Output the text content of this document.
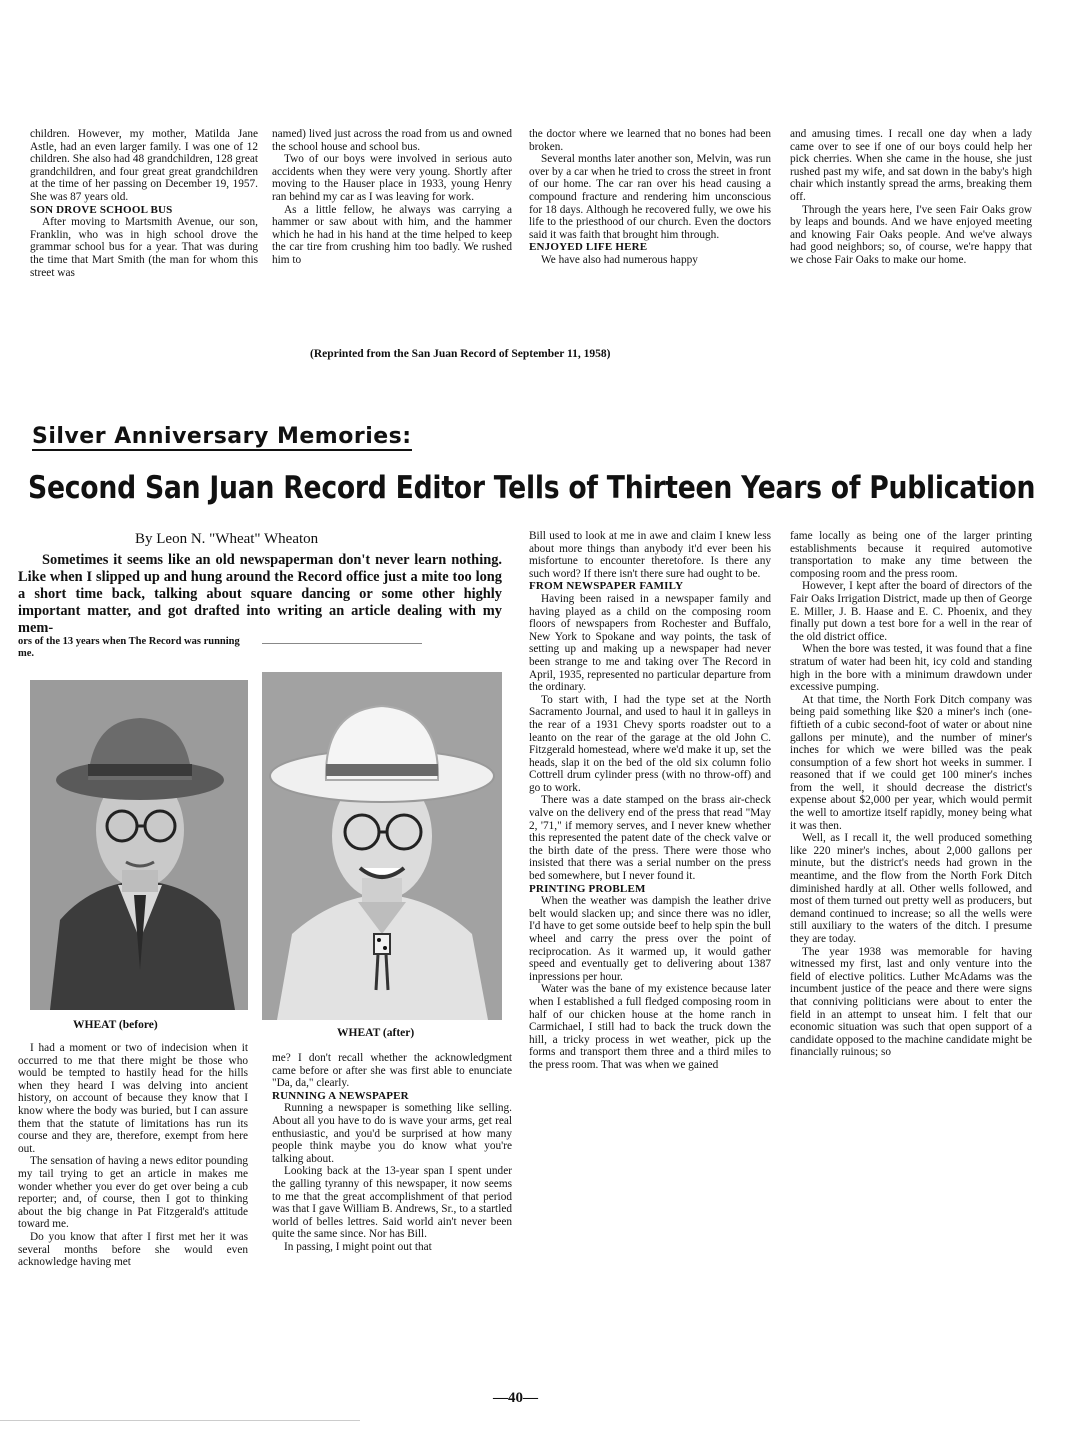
children. However, my mother, Matilda Jane Astle, had an even larger family. I was one of 12 children. She also had 48 grandchildren, 128 great grandchildren, and four great great grandchildren at the time of her passing on December 19, 1957. She was 87 years old.

SON DROVE SCHOOL BUS

After moving to Martsmith Avenue, our son, Franklin, who was in high school drove the grammar school bus for a year. That was during the time that Mart Smith (the man for whom this street was

named) lived just across the road from us and owned the school house and school bus.

Two of our boys were involved in serious auto accidents when they were very young. Shortly after moving to the Hauser place in 1933, young Henry ran behind my car as I was leaving for work.

As a little fellow, he always was carrying a hammer or saw about with him, and the hammer which he had in his hand at the time helped to keep the car tire from crushing him too badly. We rushed him to

the doctor where we learned that no bones had been broken.

Several months later another son, Melvin, was run over by a car when he tried to cross the street in front of our home. The car ran over his head causing a compound fracture and rendering him unconscious for 18 days. Although he recovered fully, we owe his life to the priesthood of our church. Even the doctors said it was faith that brought him through.

ENJOYED LIFE HERE

We have also had numerous happy

and amusing times. I recall one day when a lady came over to see if one of our boys could help her pick cherries. When she came in the house, she just rushed past my wife, and sat down in the baby's high chair which instantly spread the arms, breaking them off.

Through the years here, I've seen Fair Oaks grow by leaps and bounds. And we have enjoyed meeting and knowing Fair Oaks people. And we've always had good neighbors; so, of course, we're happy that we chose Fair Oaks to make our home.

(Reprinted from the San Juan Record of September 11, 1958)
Silver Anniversary Memories:
Second San Juan Record Editor Tells of Thirteen Years of Publication
By Leon N. "Wheat" Wheaton

Sometimes it seems like an old newspaperman don't never learn nothing. Like when I slipped up and hung around the Record office just a mite too long a short time back, talking about square dancing or some other highly important matter, and got drafted into writing an article dealing with my mem-

ors of the 13 years when The Record was running me.
WHEAT (before)
WHEAT (after)

I had a moment or two of indecision when it occurred to me that there might be those who would be tempted to hastily head for the hills when they heard I was delving into ancient history, on account of because they know that I know where the body was buried, but I can assure them that the statute of limitations has run its course and they are, therefore, exempt from here out.

The sensation of having a news editor pounding my tail trying to get an article in makes me wonder whether you ever do get over being a cub reporter; and, of course, then I got to thinking about the big change in Pat Fitzgerald's attitude toward me.

Do you know that after I first met her it was several months before she would even acknowledge having met

me? I don't recall whether the acknowledgment came before or after she was first able to enunciate "Da, da," clearly.

RUNNING A NEWSPAPER

Running a newspaper is something like selling. About all you have to do is wave your arms, get real enthusiastic, and you'd be surprised at how many people think maybe you do know what you're talking about.

Looking back at the 13-year span I spent under the galling tyranny of this newspaper, it now seems to me that the great accomplishment of that period was that I gave William B. Andrews, Sr., to a startled world of belles lettres. Said world ain't never been quite the same since. Nor has Bill.

In passing, I might point out that

Bill used to look at me in awe and claim I knew less about more things than anybody it'd ever been his misfortune to encounter theretofore. Is there any such word? If there isn't there sure had ought to be.

FROM NEWSPAPER FAMILY

Having been raised in a newspaper family and having played as a child on the composing room floors of newspapers from Rochester and Buffalo, New York to Spokane and way points, the task of setting up and making up a newspaper had never been strange to me and taking over The Record in April, 1935, represented no particular departure from the ordinary.

To start with, I had the type set at the North Sacramento Journal, and used to haul it in galleys in the rear of a 1931 Chevy sports roadster out to a leanto on the rear of the garage at the old John C. Fitzgerald homestead, where we'd make it up, set the heads, slap it on the bed of the old six column folio Cottrell drum cylinder press (with no throw-off) and go to work.

There was a date stamped on the brass air-check valve on the delivery end of the press that read "May 2, '71," if memory serves, and I never knew whether this represented the patent date of the check valve or the birth date of the press. There were those who insisted that there was a serial number on the press bed somewhere, but I never found it.

PRINTING PROBLEM

When the weather was dampish the leather drive belt would slacken up; and since there was no idler, I'd have to get some outside beef to help spin the bull wheel and carry the press over the point of reciprocation. As it warmed up, it would gather speed and eventually get to delivering about 1387 inpressions per hour.

Water was the bane of my existence because later when I established a full fledged composing room in half of our chicken house at the home ranch in Carmichael, I still had to back the truck down the hill, a tricky process in wet weather, pick up the forms and transport them three and a third miles to the press room. That was when we gained

fame locally as being one of the larger printing establishments because it required automotive transportation to make any time between the composing room and the press room.

However, I kept after the board of directors of the Fair Oaks Irrigation District, made up then of George E. Miller, J. B. Haase and E. C. Phoenix, and they finally put down a test bore for a well in the rear of the old district office.

When the bore was tested, it was found that a fine stratum of water had been hit, icy cold and standing high in the bore with a minimum drawdown under excessive pumping.

At that time, the North Fork Ditch company was being paid something like $20 a miner's inch (one-fiftieth of a cubic second-foot of water or about nine gallons per minute), and the number of miner's inches for which we were billed was the peak consumption of a few short hot weeks in summer. I reasoned that if we could get 100 miner's inches from the well, it should decrease the district's expense about $2,000 per year, which would permit the well to amortize itself rapidly, money being what it was then.

Well, as I recall it, the well produced something like 220 miner's inches, about 2,000 gallons per minute, but the district's needs had grown in the meantime, and the flow from the North Fork Ditch diminished hardly at all. Other wells followed, and most of them turned out pretty well as producers, but demand continued to increase; so all the wells were still auxiliary to the waters of the ditch. I presume they are today.

The year 1938 was memorable for having witnessed my first, last and only venture into the field of elective politics. Luther McAdams was the incumbent justice of the peace and there were signs that conniving politicians were about to enter the field in an attempt to unseat him. I felt that our economic situation was such that open support of a candidate opposed to the machine candidate might be financially ruinous; so

—40—
